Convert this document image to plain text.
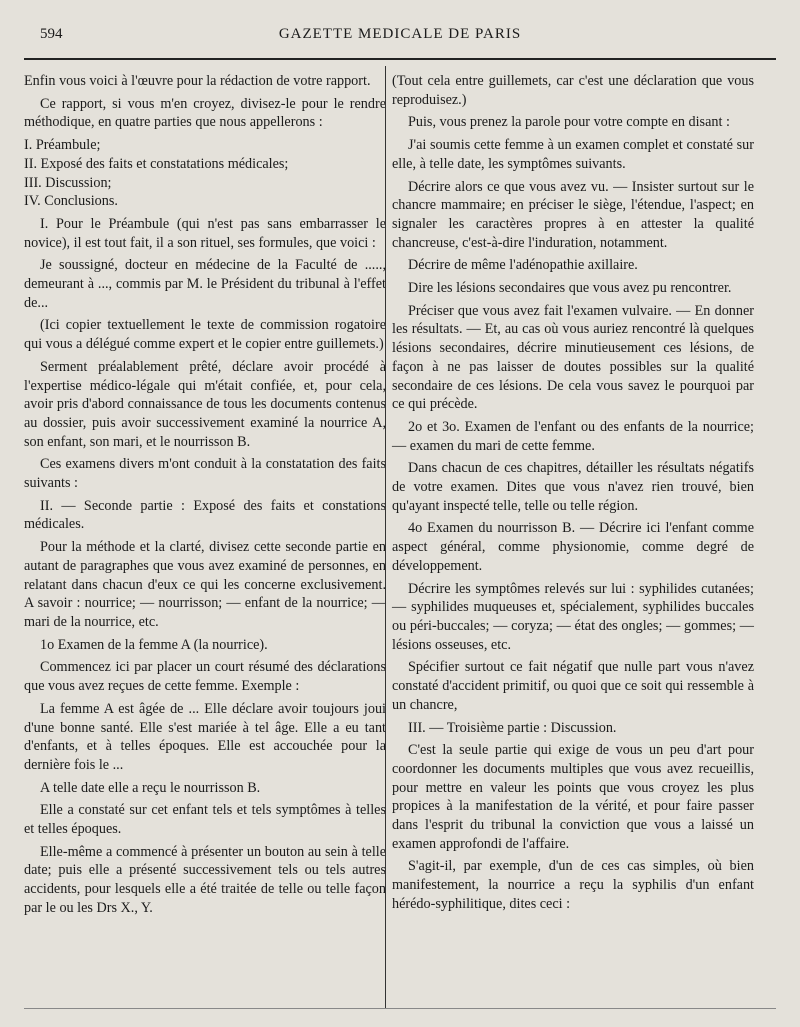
594	GAZETTE MEDICALE DE PARIS

Enfin vous voici à l'œuvre pour la rédaction de votre rapport.

Ce rapport, si vous m'en croyez, divisez-le pour le rendre méthodique, en quatre parties que nous appellerons :

I. Préambule;

II. Exposé des faits et constatations médicales;

III. Discussion;

IV. Conclusions.

I. Pour le Préambule (qui n'est pas sans embarrasser le novice), il est tout fait, il a son rituel, ses formules, que voici :

Je soussigné, docteur en médecine de la Faculté de ....., demeurant à ..., commis par M. le Président du tribunal à l'effet de...

(Ici copier textuellement le texte de commission rogatoire qui vous a délégué comme expert et le copier entre guillemets.)

Serment préalablement prêté, déclare avoir procédé à l'expertise médico-légale qui m'était confiée, et, pour cela, avoir pris d'abord connaissance de tous les documents contenus au dossier, puis avoir successivement examiné la nourrice A, son enfant, son mari, et le nourrisson B.

Ces examens divers m'ont conduit à la constatation des faits suivants :

II. — Seconde partie : Exposé des faits et constations médicales.

Pour la méthode et la clarté, divisez cette seconde partie en autant de paragraphes que vous avez examiné de personnes, en relatant dans chacun d'eux ce qui les concerne exclusivement. A savoir : nourrice; — nourrisson; — enfant de la nourrice; — mari de la nourrice, etc.

1o Examen de la femme A (la nourrice).

Commencez ici par placer un court résumé des déclarations que vous avez reçues de cette femme. Exemple :

La femme A est âgée de ... Elle déclare avoir toujours joui d'une bonne santé. Elle s'est mariée à tel âge. Elle a eu tant d'enfants, et à telles époques. Elle est accouchée pour la dernière fois le ...

A telle date elle a reçu le nourrisson B.

Elle a constaté sur cet enfant tels et tels symptômes à telles et telles époques.

Elle-même a commencé à présenter un bouton au sein à telle date; puis elle a présenté successivement tels ou tels autres accidents, pour lesquels elle a été traitée de telle ou telle façon par le ou les Drs X., Y.

(Tout cela entre guillemets, car c'est une déclaration que vous reproduisez.)

Puis, vous prenez la parole pour votre compte en disant :

J'ai soumis cette femme à un examen complet et constaté sur elle, à telle date, les symptômes suivants.

Décrire alors ce que vous avez vu. — Insister surtout sur le chancre mammaire; en préciser le siège, l'étendue, l'aspect; en signaler les caractères propres à en attester la qualité chancreuse, c'est-à-dire l'induration, notamment.

Décrire de même l'adénopathie axillaire.

Dire les lésions secondaires que vous avez pu rencontrer.

Préciser que vous avez fait l'examen vulvaire. — En donner les résultats. — Et, au cas où vous auriez rencontré là quelques lésions secondaires, décrire minutieusement ces lésions, de façon à ne pas laisser de doutes possibles sur la qualité secondaire de ces lésions. De cela vous savez le pourquoi par ce qui précède.

2o et 3o. Examen de l'enfant ou des enfants de la nourrice; — examen du mari de cette femme.

Dans chacun de ces chapitres, détailler les résultats négatifs de votre examen. Dites que vous n'avez rien trouvé, bien qu'ayant inspecté telle, telle ou telle région.

4o Examen du nourrisson B. — Décrire ici l'enfant comme aspect général, comme physionomie, comme degré de développement.

Décrire les symptômes relevés sur lui : syphilides cutanées; — syphilides muqueuses et, spécialement, syphilides buccales ou péri-buccales; — coryza; — état des ongles; — gommes; — lésions osseuses, etc.

Spécifier surtout ce fait négatif que nulle part vous n'avez constaté d'accident primitif, ou quoi que ce soit qui ressemble à un chancre,

III. — Troisième partie : Discussion.

C'est la seule partie qui exige de vous un peu d'art pour coordonner les documents multiples que vous avez recueillis, pour mettre en valeur les points que vous croyez les plus propices à la manifestation de la vérité, et pour faire passer dans l'esprit du tribunal la conviction que vous a laissé un examen approfondi de l'affaire.

S'agit-il, par exemple, d'un de ces cas simples, où bien manifestement, la nourrice a reçu la syphilis d'un enfant hérédo-syphilitique, dites ceci :
